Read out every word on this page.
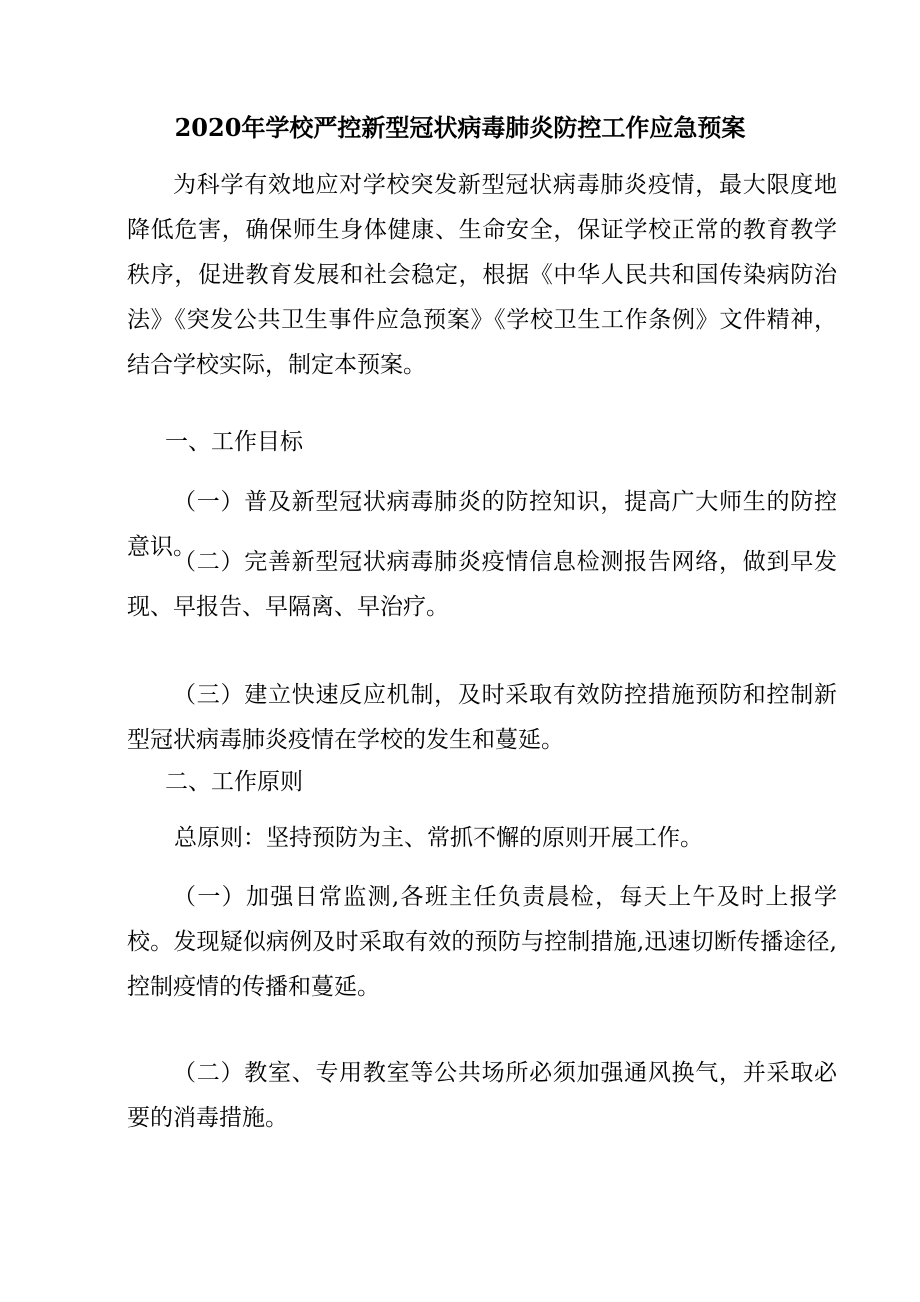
2020年学校严控新型冠状病毒肺炎防控工作应急预案

为科学有效地应对学校突发新型冠状病毒肺炎疫情，最大限度地降低危害，确保师生身体健康、生命安全，保证学校正常的教育教学秩序，促进教育发展和社会稳定，根据《中华人民共和国传染病防治法》《突发公共卫生事件应急预案》《学校卫生工作条例》文件精神，结合学校实际，制定本预案。

一、工作目标

（一）普及新型冠状病毒肺炎的防控知识，提高广大师生的防控意识。

（二）完善新型冠状病毒肺炎疫情信息检测报告网络，做到早发现、早报告、早隔离、早治疗。

（三）建立快速反应机制，及时采取有效防控措施预防和控制新型冠状病毒肺炎疫情在学校的发生和蔓延。

二、工作原则

总原则：坚持预防为主、常抓不懈的原则开展工作。

（一）加强日常监测,各班主任负责晨检，每天上午及时上报学校。发现疑似病例及时采取有效的预防与控制措施,迅速切断传播途径,控制疫情的传播和蔓延。

（二）教室、专用教室等公共场所必须加强通风换气，并采取必要的消毒措施。
